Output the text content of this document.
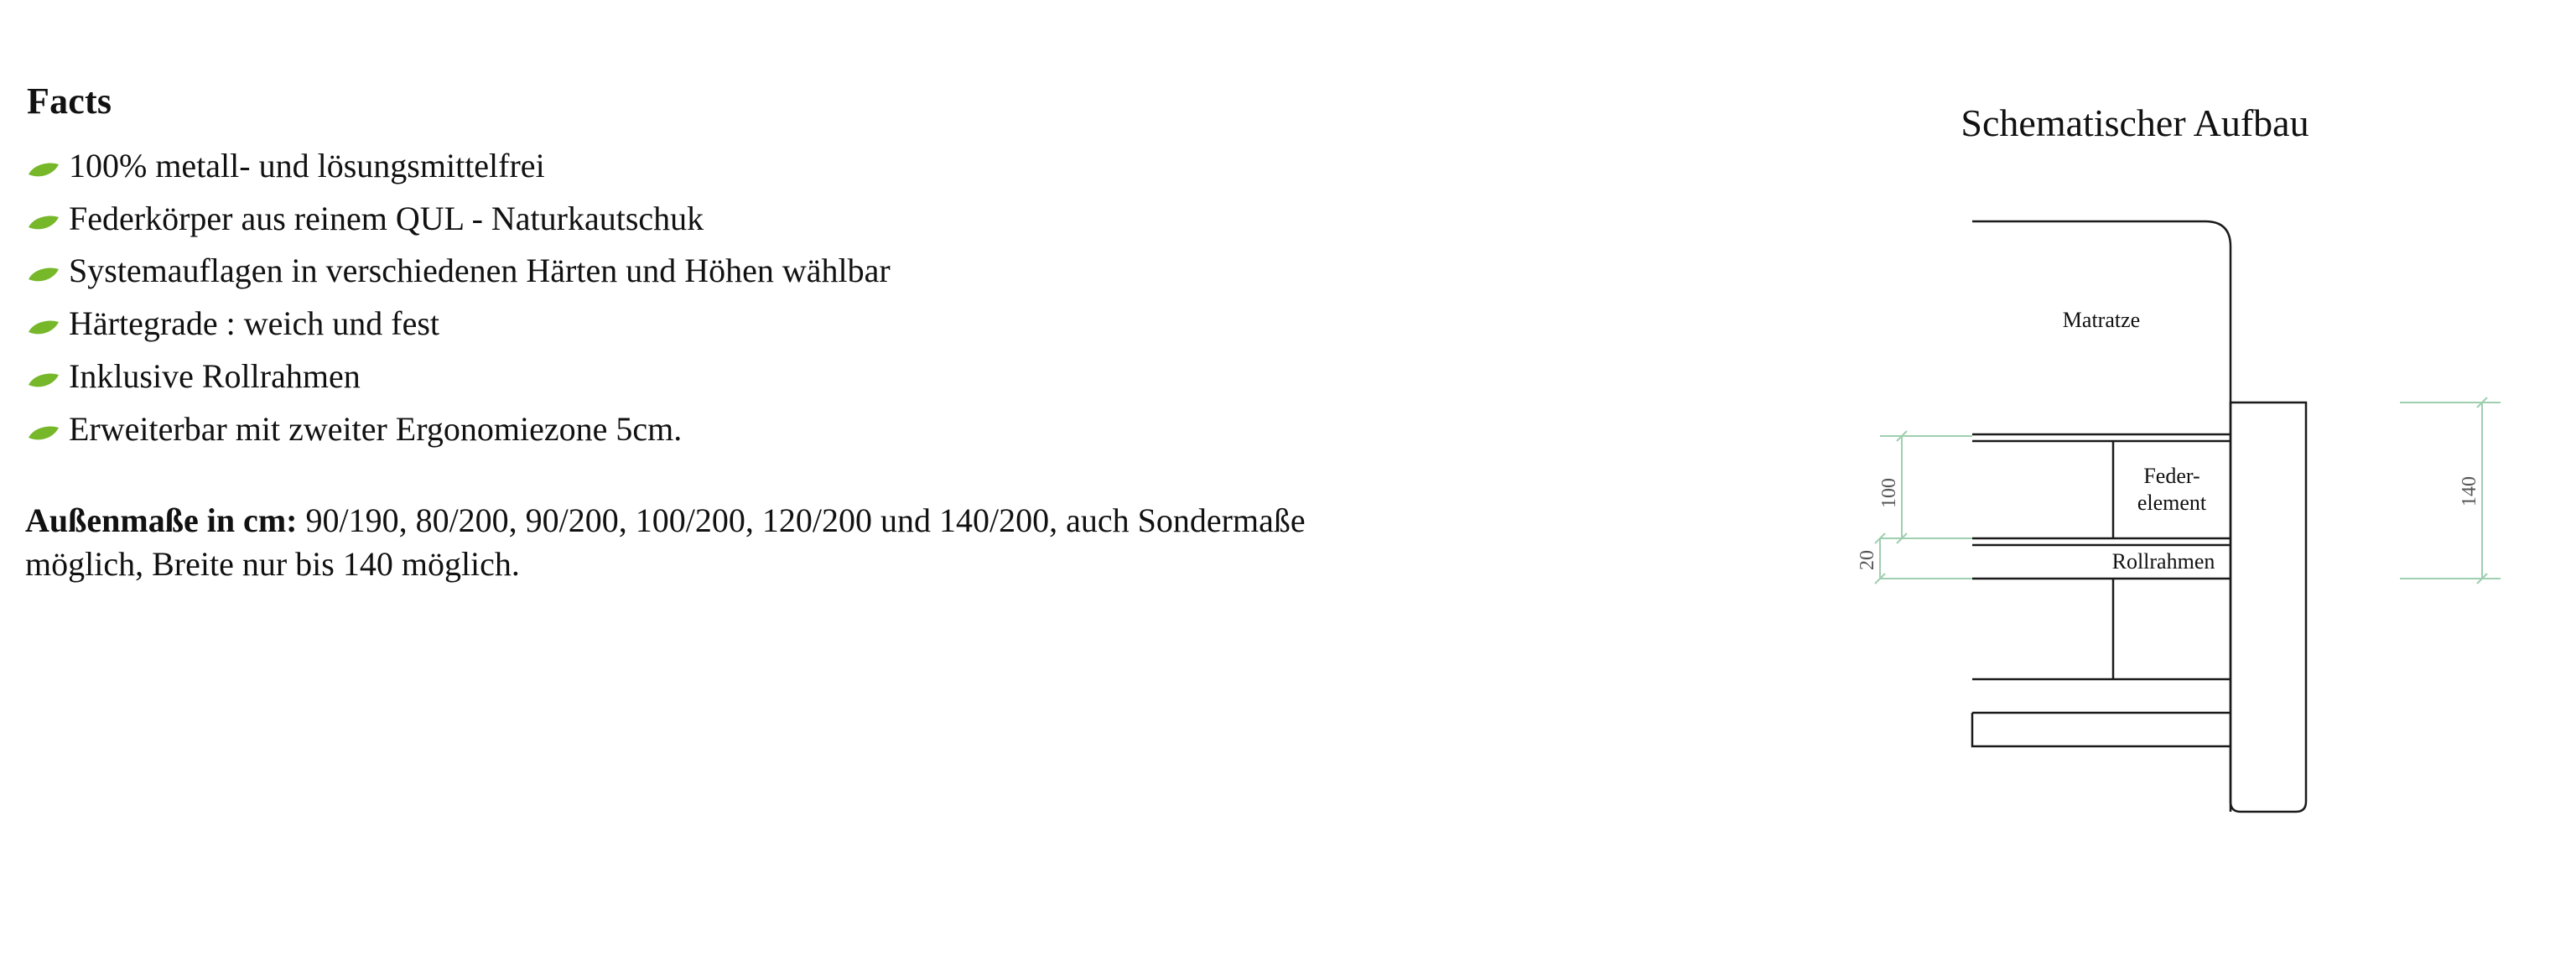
Facts
100% metall- und lösungsmittelfrei
Federkörper aus reinem QUL - Naturkautschuk
Systemauflagen in verschiedenen Härten und Höhen wählbar
Härtegrade : weich und fest
Inklusive Rollrahmen
Erweiterbar mit zweiter Ergonomiezone 5cm.

Außenmaße in cm: 90/190, 80/200, 90/200, 100/200, 120/200 und 140/200, auch Sondermaße möglich, Breite nur bis 140 möglich.

Schematischer Aufbau
Matratze
Feder-
element
Rollrahmen
100
20
140
